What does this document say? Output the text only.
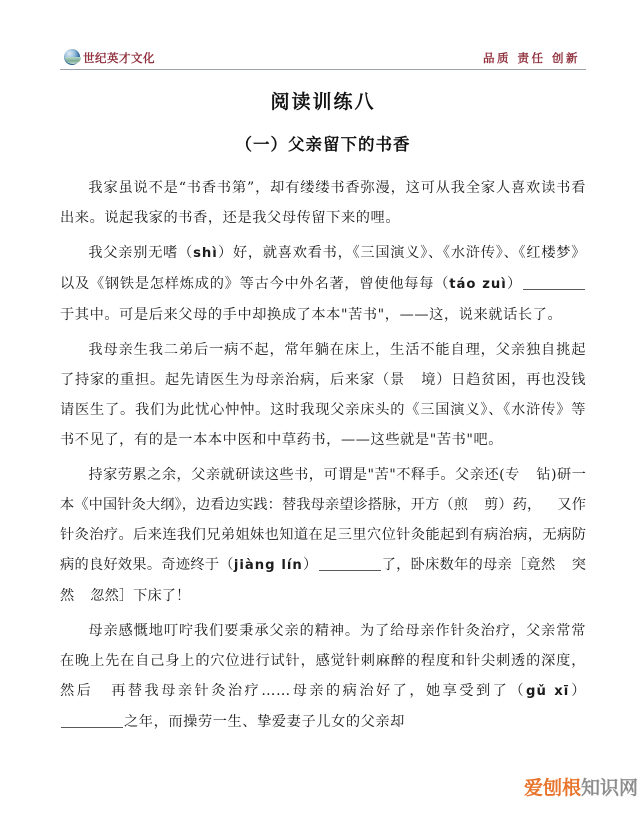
世纪英才文化	品质 责任 创新
阅读训练八
（一）父亲留下的书香

我家虽说不是“书香书第”，却有缕缕书香弥漫，这可从我全家人喜欢读书看出来。说起我家的书香，还是我父母传留下来的哩。

我父亲别无嗜（shì）好，就喜欢看书，《三国演义》、《水浒传》、《红楼梦》以及《钢铁是怎样炼成的》等古今中外名著，曾使他每每（táo zuì）于其中。可是后来父母的手中却换成了本本"苦书"，——这，说来就话长了。

我母亲生我二弟后一病不起，常年躺在床上，生活不能自理，父亲独自挑起了持家的重担。起先请医生为母亲治病，后来家（景 境）日趋贫困，再也没钱请医生了。我们为此忧心忡忡。这时我现父亲床头的《三国演义》、《水浒传》等书不见了，有的是一本本中医和中草药书，——这些就是"苦书"吧。

持家劳累之余，父亲就研读这些书，可谓是"苦"不释手。父亲还(专 钻)研一本《中国针灸大纲》，边看边实践：替我母亲望诊搭脉，开方（煎 剪）药， 又作针灸治疗。后来连我们兄弟姐妹也知道在足三里穴位针灸能起到有病治病，无病防病的良好效果。奇迹终于（jiàng lín）	了，卧床数年的母亲［竟然 突然 忽然］下床了！

母亲感慨地叮咛我们要秉承父亲的精神。为了给母亲作针灸治疗，父亲常常在晚上先在自己身上的穴位进行试针，感觉针刺麻醉的程度和针尖刺透的深度，然后 再替我母亲针灸治疗……母亲的病治好了，她享受到了（gǔ xī）之年，而操劳一生、挚爱妻子儿女的父亲却

爱刨根知识网
